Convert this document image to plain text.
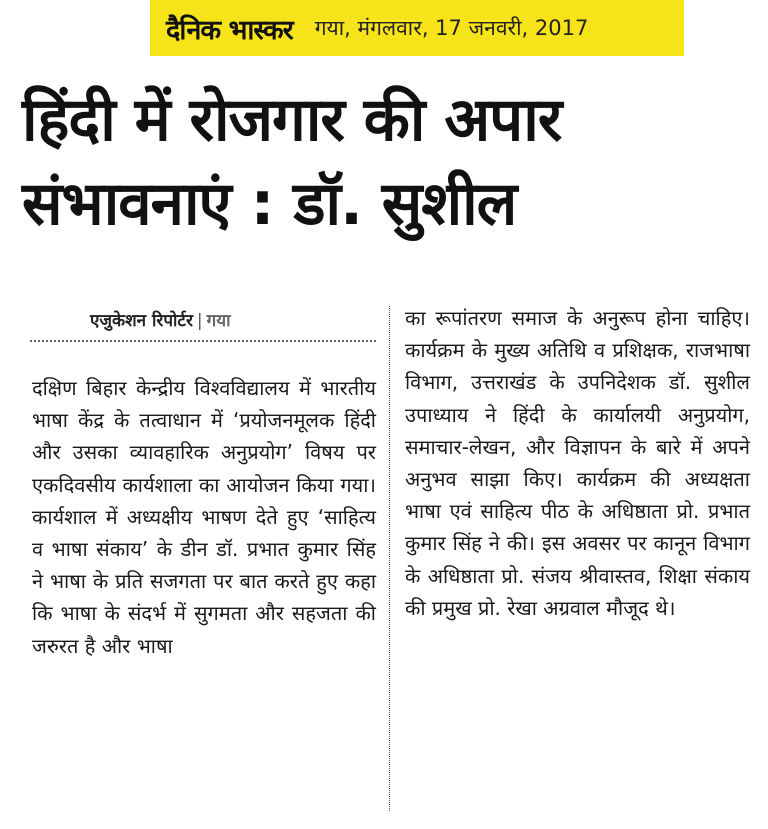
दैनिक भास्कर गया, मंगलवार, 17 जनवरी, 2017
हिंदी में रोजगार की अपार संभावनाएं : डॉ. सुशील
एजुकेशन रिपोर्टर | गया

दक्षिण बिहार केन्द्रीय विश्वविद्यालय में भारतीय भाषा केंद्र के तत्वाधान में ‘प्रयोजनमूलक हिंदी और उसका व्यावहारिक अनुप्रयोग’ विषय पर एकदिवसीय कार्यशाला का आयोजन किया गया। कार्यशाल में अध्यक्षीय भाषण देते हुए ‘साहित्य व भाषा संकाय’ के डीन डॉ. प्रभात कुमार सिंह ने भाषा के प्रति सजगता पर बात करते हुए कहा कि भाषा के संदर्भ में सुगमता और सहजता की जरुरत है और भाषा

का रूपांतरण समाज के अनुरूप होना चाहिए। कार्यक्रम के मुख्य अतिथि व प्रशिक्षक, राजभाषा विभाग, उत्तराखंड के उपनिदेशक डॉ. सुशील उपाध्याय ने हिंदी के कार्यालयी अनुप्रयोग, समाचार-लेखन, और विज्ञापन के बारे में अपने अनुभव साझा किए। कार्यक्रम की अध्यक्षता भाषा एवं साहित्य पीठ के अधिष्ठाता प्रो. प्रभात कुमार सिंह ने की। इस अवसर पर कानून विभाग के अधिष्ठाता प्रो. संजय श्रीवास्तव, शिक्षा संकाय की प्रमुख प्रो. रेखा अग्रवाल मौजूद थे।
